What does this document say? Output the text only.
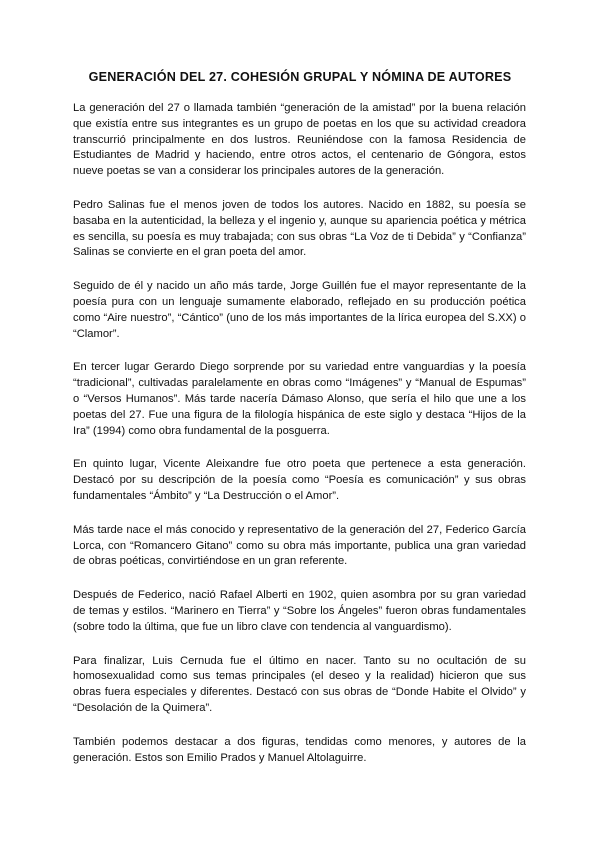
GENERACIÓN DEL 27. COHESIÓN GRUPAL Y NÓMINA DE AUTORES

La generación del 27 o llamada también “generación de la amistad” por la buena relación que existía entre sus integrantes es un grupo de poetas en los que su actividad creadora transcurrió principalmente en dos lustros. Reuniéndose con la famosa Residencia de Estudiantes de Madrid y haciendo, entre otros actos, el centenario de Góngora, estos nueve poetas se van a considerar los principales autores de la generación.

Pedro Salinas fue el menos joven de todos los autores. Nacido en 1882, su poesía se basaba en la autenticidad, la belleza y el ingenio y, aunque su apariencia poética y métrica es sencilla, su poesía es muy trabajada; con sus obras “La Voz de ti Debida” y “Confianza” Salinas se convierte en el gran poeta del amor.

Seguido de él y nacido un año más tarde, Jorge Guillén fue el mayor representante de la poesía pura con un lenguaje sumamente elaborado, reflejado en su producción poética como “Aire nuestro”, “Cántico” (uno de los más importantes de la lírica europea del S.XX) o “Clamor”.

En tercer lugar Gerardo Diego sorprende por su variedad entre vanguardias y la poesía “tradicional”, cultivadas paralelamente en obras como “Imágenes” y “Manual de Espumas” o “Versos Humanos”. Más tarde nacería Dámaso Alonso, que sería el hilo que une a los poetas del 27. Fue una figura de la filología hispánica de este siglo y destaca “Hijos de la Ira” (1994) como obra fundamental de la posguerra.

En quinto lugar, Vicente Aleixandre fue otro poeta que pertenece a esta generación. Destacó por su descripción de la poesía como “Poesía es comunicación” y sus obras fundamentales “Ámbito” y “La Destrucción o el Amor”.

Más tarde nace el más conocido y representativo de la generación del 27, Federico García Lorca, con “Romancero Gitano” como su obra más importante, publica una gran variedad de obras poéticas, convirtiéndose en un gran referente.

Después de Federico, nació Rafael Alberti en 1902, quien asombra por su gran variedad de temas y estilos. “Marinero en Tierra” y “Sobre los Ángeles” fueron obras fundamentales (sobre todo la última, que fue un libro clave con tendencia al vanguardismo).

Para finalizar, Luis Cernuda fue el último en nacer. Tanto su no ocultación de su homosexualidad como sus temas principales (el deseo y la realidad) hicieron que sus obras fuera especiales y diferentes. Destacó con sus obras de “Donde Habite el Olvido” y “Desolación de la Quimera”.

También podemos destacar a dos figuras, tendidas como menores, y autores de la generación. Estos son Emilio Prados y Manuel Altolaguirre.
